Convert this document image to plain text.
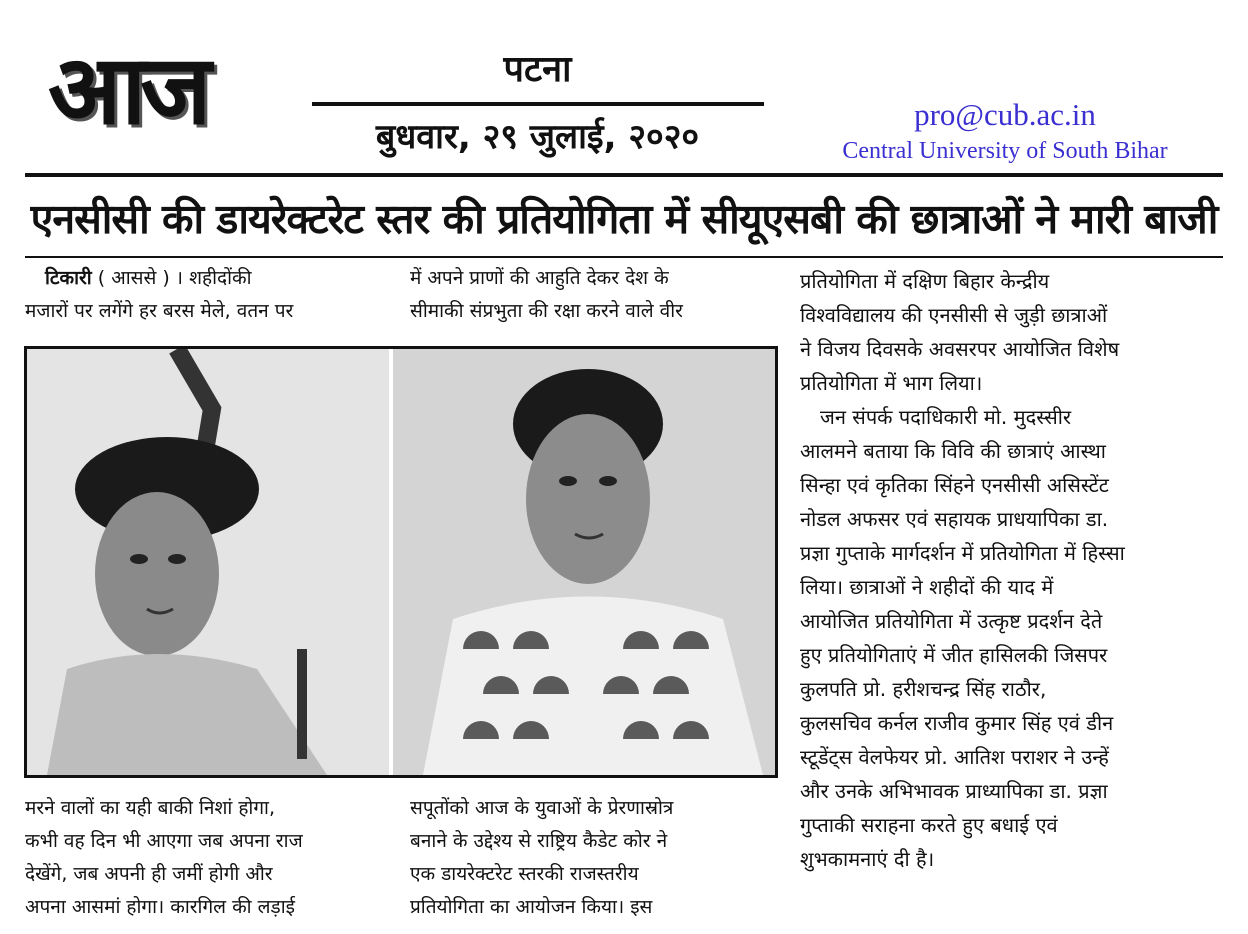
आज	पटना
बुधवार, २९ जुलाई, २०२०
pro@cub.ac.in
Central University of South Bihar
एनसीसी की डायरेक्टरेट स्तर की प्रतियोगिता में सीयूएसबी की छात्राओं ने मारी बाजी
टिकारी ( आससे ) । शहीदोंकी
मजारों पर लगेंगे हर बरस मेले, वतन पर
में अपने प्राणों की आहुति देकर देश के
सीमाकी संप्रभुता की रक्षा करने वाले वीर
मरने वालों का यही बाकी निशां होगा,
कभी वह दिन भी आएगा जब अपना राज
देखेंगे, जब अपनी ही जमीं होगी और
अपना आसमां होगा। कारगिल की लड़ाई
सपूतोंको आज के युवाओं के प्रेरणास्रोत्र
बनाने के उद्देश्य से राष्ट्रिय कैडेट कोर ने
एक डायरेक्टरेट स्तरकी राजस्तरीय
प्रतियोगिता का आयोजन किया। इस
प्रतियोगिता में दक्षिण बिहार केन्द्रीय
विश्वविद्यालय की एनसीसी से जुड़ी छात्राओं
ने विजय दिवसके अवसरपर आयोजित विशेष
प्रतियोगिता में भाग लिया।
जन संपर्क पदाधिकारी मो. मुदस्सीर
आलमने बताया कि विवि की छात्राएं आस्था
सिन्हा एवं कृतिका सिंहने एनसीसी असिस्टेंट
नोडल अफसर एवं सहायक प्राधयापिका डा.
प्रज्ञा गुप्ताके मार्गदर्शन में प्रतियोगिता में हिस्सा
लिया। छात्राओं ने शहीदों की याद में
आयोजित प्रतियोगिता में उत्कृष्ट प्रदर्शन देते
हुए प्रतियोगिताएं में जीत हासिलकी जिसपर
कुलपति प्रो. हरीशचन्द्र सिंह राठौर,
कुलसचिव कर्नल राजीव कुमार सिंह एवं डीन
स्टूडेंट्स वेलफेयर प्रो. आतिश पराशर ने उन्हें
और उनके अभिभावक प्राध्यापिका डा. प्रज्ञा
गुप्ताकी सराहना करते हुए बधाई एवं
शुभकामनाएं दी है।
